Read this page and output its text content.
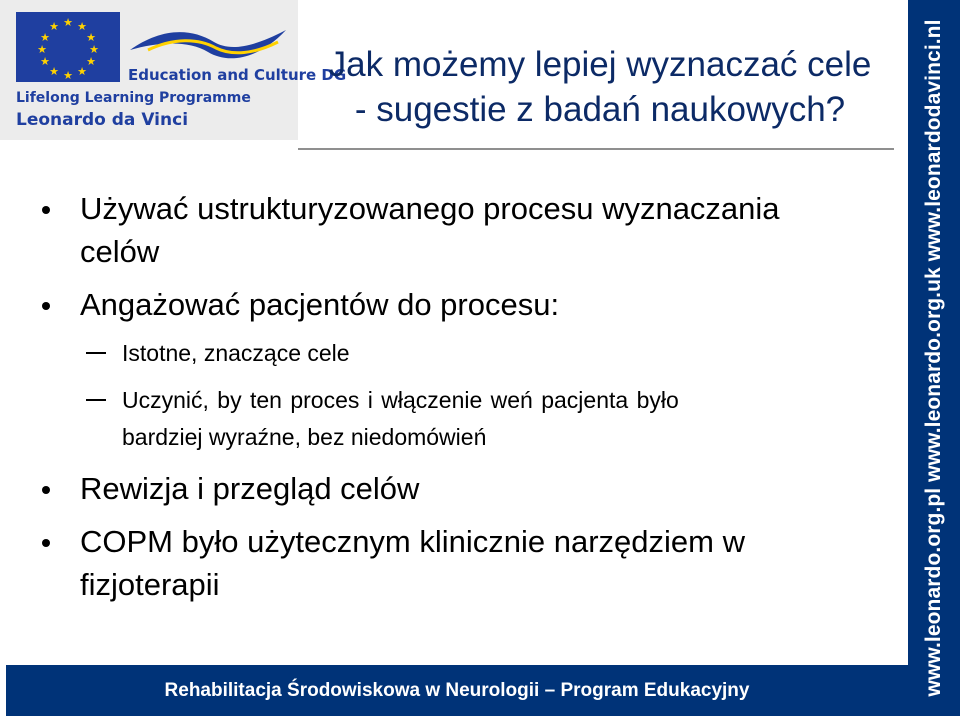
★ ★
★
★
★
★
★
★
★
★
★
★
Education and Culture DG
Lifelong Learning Programme
Leonardo da Vinci
Jak możemy lepiej wyznaczać cele
- sugestie z badań naukowych?
Używać ustrukturyzowanego procesu wyznaczania
celów
Angażować pacjentów do procesu:
Istotne, znaczące cele
Uczynić, by ten proces i włączenie weń pacjenta było
bardziej wyraźne, bez niedomówień
Rewizja i przegląd celów
COPM było użytecznym klinicznie narzędziem w
fizjoterapii
Rehabilitacja Środowiskowa w Neurologii – Program Edukacyjny	www.leonardo.org.pl www.leonardo.org.uk www.leonardodavinci.nl
